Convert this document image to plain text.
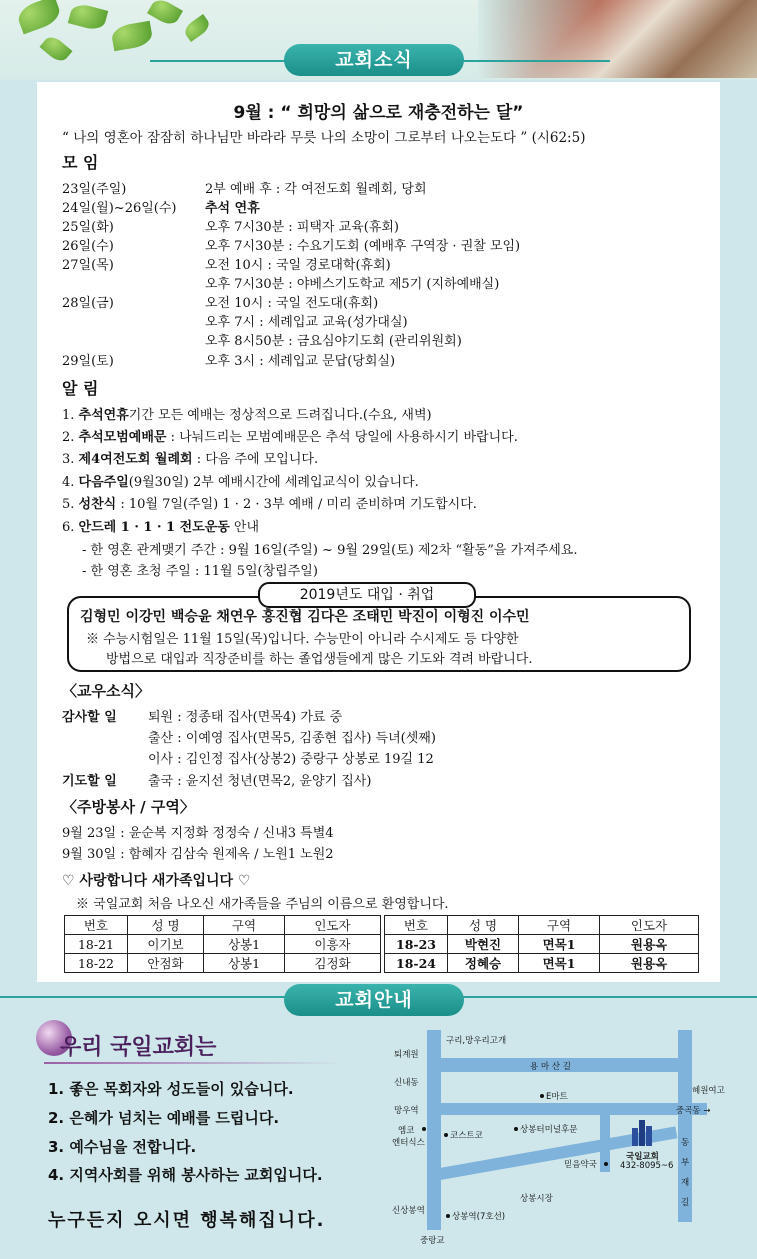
교회소식
9월 : “ 희망의 삶으로 재충전하는 달”
“ 나의 영혼아 잠잠히 하나님만 바라라 무릇 나의 소망이 그로부터 나오는도다 ” (시62:5)
모 임
23일(주일)	2부 예배 후 : 각 여전도회 월례회, 당회
24일(월)~26일(수) 추석 연휴
25일(화)	오후 7시30분 : 피택자 교육(휴회)
26일(수)	오후 7시30분 : 수요기도회 (예배후 구역장 · 권찰 모임)
27일(목)	오전 10시 : 국일 경로대학(휴회)
오후 7시30분 : 야베스기도학교 제5기 (지하예배실)
28일(금)	오전 10시 : 국일 전도대(휴회)
오후 7시 : 세례입교 교육(성가대실)
오후 8시50분 : 금요심야기도회 (관리위원회)
29일(토)	오후 3시 : 세례입교 문답(당회실)
알 림
1. 추석연휴기간 모든 예배는 정상적으로 드려집니다.(수요, 새벽)
2. 추석모범예배문 : 나눠드리는 모범예배문은 추석 당일에 사용하시기 바랍니다.
3. 제4여전도회 월례회 : 다음 주에 모입니다.
4. 다음주일(9월30일) 2부 예배시간에 세례입교식이 있습니다.
5. 성찬식 : 10월 7일(주일) 1 · 2 · 3부 예배 / 미리 준비하며 기도합시다.
6. 안드레 1 · 1 · 1 전도운동 안내
- 한 영혼 관계맺기 주간 : 9월 16일(주일) ~ 9월 29일(토) 제2차 “활동”을 가져주세요.
- 한 영혼 초청 주일 : 11월 5일(창립주일)
2019년도 대입 · 취업
김형민 이강민 백승윤 채연우 홍진협 김다은 조태민 박진이 이형진 이수민
※ 수능시험일은 11월 15일(목)입니다. 수능만이 아니라 수시제도 등 다양한
방법으로 대입과 직장준비를 하는 졸업생들에게 많은 기도와 격려 바랍니다.
〈교우소식〉
감사할 일 퇴원 : 정종태 집사(면목4) 가료 중
출산 : 이예영 집사(면목5, 김종현 집사) 득녀(셋째)
이사 : 김인정 집사(상봉2) 중랑구 상봉로 19길 12
기도할 일 출국 : 윤지선 청년(면목2, 윤양기 집사)
〈주방봉사 / 구역〉
9월 23일 : 윤순복 지정화 정정숙 / 신내3 특별4
9월 30일 : 함혜자 김삼숙 원제옥 / 노원1 노원2
♡ 사랑합니다 새가족입니다 ♡
※ 국일교회 처음 나오신 새가족들을 주님의 이름으로 환영합니다.
번호	성 명	구역	인도자
18-21	이기보	상봉1	이흥자
18-22	안점화	상봉1	김정화
번호	성 명	구역	인도자
18-23	박현진	면목1	원용옥
18-24	정혜승	면목1	원용옥
교회안내
우리 국일교회는
1. 좋은 목회자와 성도들이 있습니다.
2. 은혜가 넘치는 예배를 드립니다.
3. 예수님을 전합니다.
4. 지역사회를 위해 봉사하는 교회입니다.
누구든지 오시면 행복해집니다.
구리,망우리고개
퇴계원
용 마 산 길
신내동
E마트
혜원여고
망우역	중곡동 →
엠코
엔터식스
코스트코
상봉터미널후문
국일교회
432-8095~6
믿음약국
동
부
재
길
상봉시장
신상봉역
상봉역(7호선)
중랑교
